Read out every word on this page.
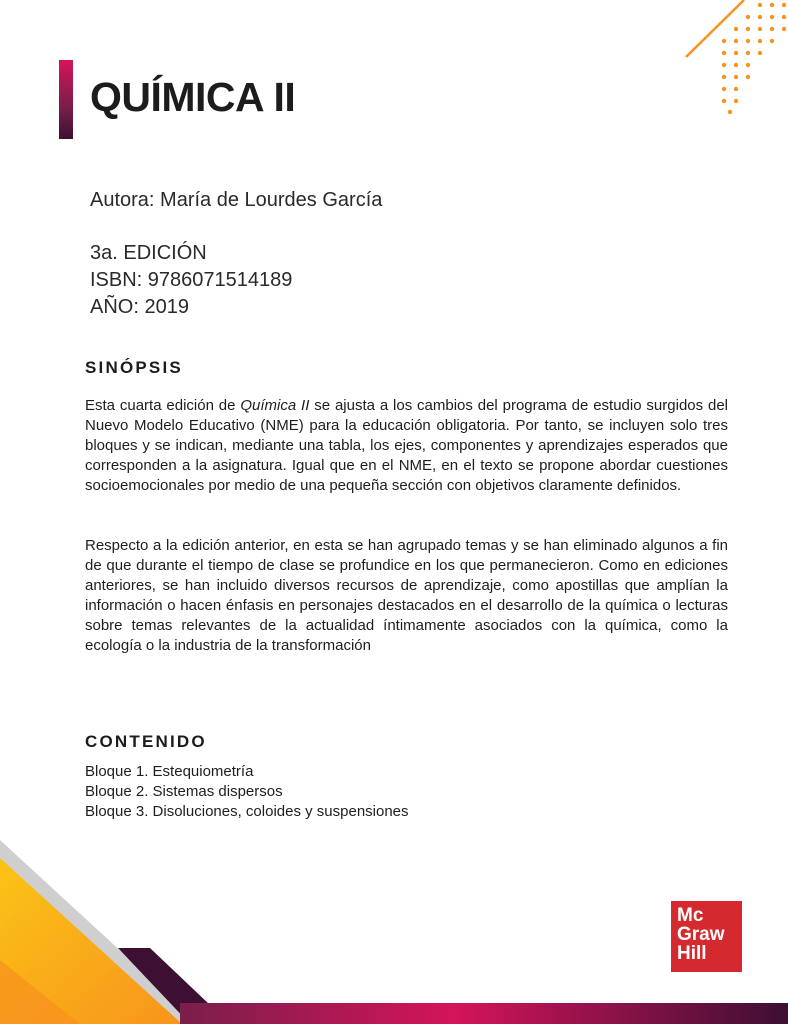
QUÍMICA II
Autora: María de Lourdes García
3a. EDICIÓN
ISBN: 9786071514189
AÑO: 2019
SINÓPSIS

Esta cuarta edición de Química II se ajusta a los cambios del programa de estudio surgidos del Nuevo Modelo Educativo (NME) para la educación obligatoria. Por tanto, se incluyen solo tres bloques y se indican, mediante una tabla, los ejes, componentes y aprendizajes esperados que corresponden a la asignatura. Igual que en el NME, en el texto se propone abordar cuestiones socioemocionales por medio de una pequeña sección con objetivos claramente definidos.

Respecto a la edición anterior, en esta se han agrupado temas y se han eliminado algunos a fin de que durante el tiempo de clase se profundice en los que permanecieron. Como en ediciones anteriores, se han incluido diversos recursos de aprendizaje, como apostillas que amplían la información o hacen énfasis en personajes destacados en el desarrollo de la química o lecturas sobre temas relevantes de la actualidad íntimamente asociados con la química, como la ecología o la industria de la transformación

CONTENIDO
Bloque 1. Estequiometría
Bloque 2. Sistemas dispersos
Bloque 3. Disoluciones, coloides y suspensiones
Mc
Graw
Hill
